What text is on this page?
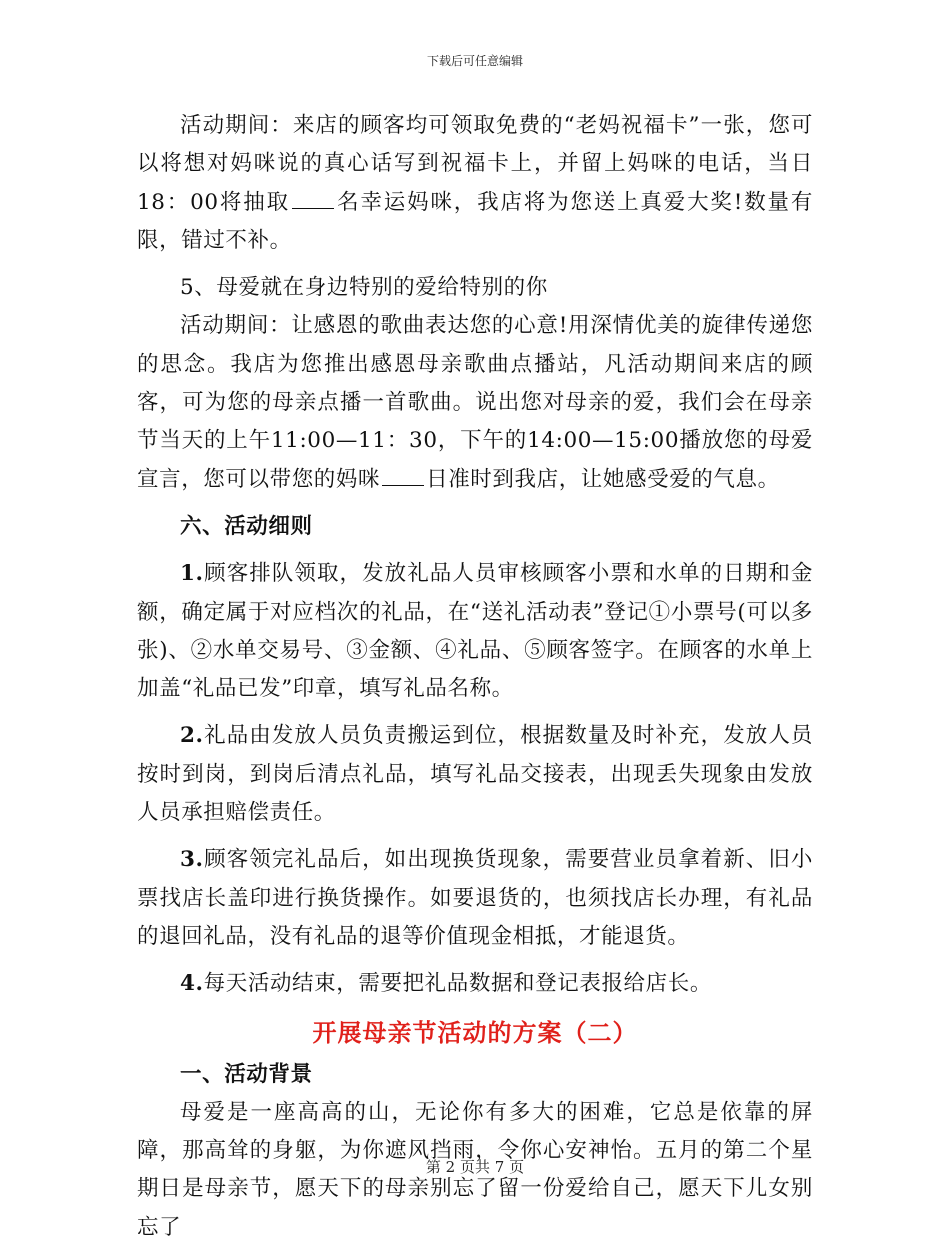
下载后可任意编辑

活动期间：来店的顾客均可领取免费的“老妈祝福卡”一张，您可以将想对妈咪说的真心话写到祝福卡上，并留上妈咪的电话，当日18：00将抽取 名幸运妈咪，我店将为您送上真爱大奖!数量有限，错过不补。

5、母爱就在身边特别的爱给特别的你

活动期间：让感恩的歌曲表达您的心意!用深情优美的旋律传递您的思念。我店为您推出感恩母亲歌曲点播站，凡活动期间来店的顾客，可为您的母亲点播一首歌曲。说出您对母亲的爱，我们会在母亲节当天的上午11:00—11：30，下午的14:00—15:00播放您的母爱宣言，您可以带您的妈咪 日准时到我店，让她感受爱的气息。

六、活动细则

1.顾客排队领取，发放礼品人员审核顾客小票和水单的日期和金额，确定属于对应档次的礼品，在“送礼活动表”登记①小票号(可以多张)、②水单交易号、③金额、④礼品、⑤顾客签字。在顾客的水单上加盖“礼品已发”印章，填写礼品名称。

2.礼品由发放人员负责搬运到位，根据数量及时补充，发放人员按时到岗，到岗后清点礼品，填写礼品交接表，出现丢失现象由发放人员承担赔偿责任。

3.顾客领完礼品后，如出现换货现象，需要营业员拿着新、旧小票找店长盖印进行换货操作。如要退货的，也须找店长办理，有礼品的退回礼品，没有礼品的退等价值现金相抵，才能退货。

4.每天活动结束，需要把礼品数据和登记表报给店长。

开展母亲节活动的方案（二）

一、活动背景

母爱是一座高高的山，无论你有多大的困难，它总是依靠的屏障，那高耸的身躯，为你遮风挡雨，令你心安神怡。五月的第二个星期日是母亲节，愿天下的母亲别忘了留一份爱给自己，愿天下儿女别忘了

第 2 页共 7 页
